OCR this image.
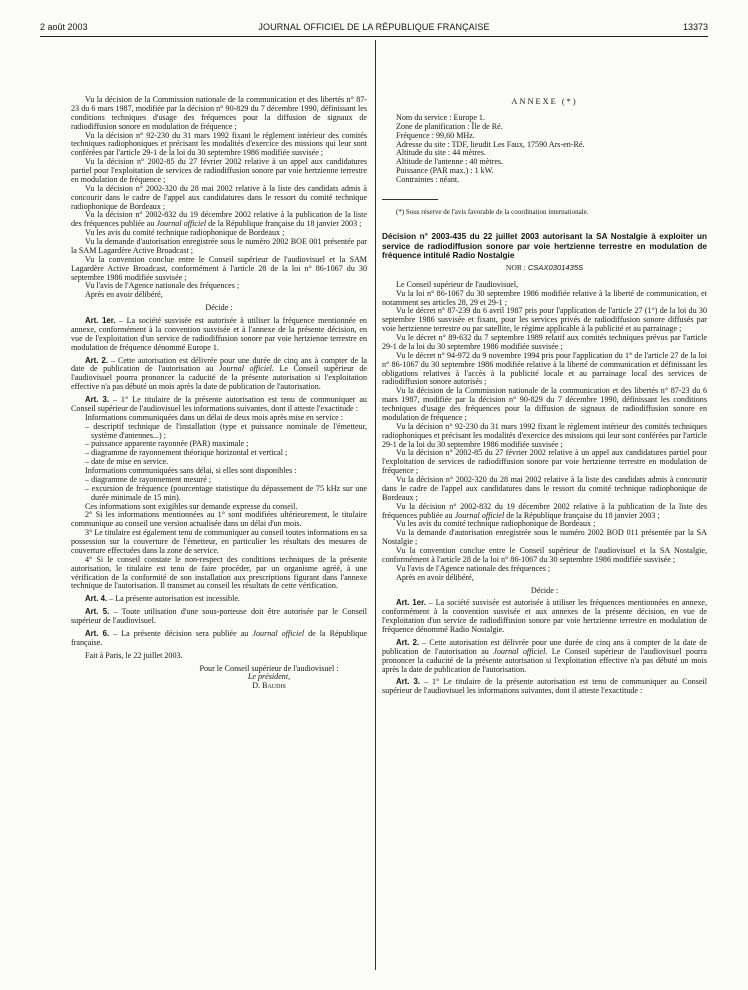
2 août 2003	JOURNAL OFFICIEL DE LA RÉPUBLIQUE FRANÇAISE	13373

Vu la décision de la Commission nationale de la communication et des libertés n° 87-23 du 6 mars 1987, modifiée par la décision n° 90-829 du 7 décembre 1990, définissant les conditions techniques d'usage des fréquences pour la diffusion de signaux de radiodiffusion sonore en modulation de fréquence ;

Vu la décision n° 92-230 du 31 mars 1992 fixant le règlement intérieur des comités techniques radiophoniques et précisant les modalités d'exercice des missions qui leur sont conférées par l'article 29-1 de la loi du 30 septembre 1986 modifiée susvisée ;

Vu la décision n° 2002-85 du 27 février 2002 relative à un appel aux candidatures partiel pour l'exploitation de services de radiodiffusion sonore par voie hertzienne terrestre en modulation de fréquence ;

Vu la décision n° 2002-320 du 28 mai 2002 relative à la liste des candidats admis à concourir dans le cadre de l'appel aux candidatures dans le ressort du comité technique radiophonique de Bordeaux ;

Vu la décision n° 2002-832 du 19 décembre 2002 relative à la publication de la liste des fréquences publiée au Journal officiel de la République française du 18 janvier 2003 ;

Vu les avis du comité technique radiophonique de Bordeaux ;

Vu la demande d'autorisation enregistrée sous le numéro 2002 BOE 001 présentée par la SAM Lagardère Active Broadcast ;

Vu la convention conclue entre le Conseil supérieur de l'audiovisuel et la SAM Lagardère Active Broadcast, conformément à l'article 28 de la loi n° 86-1067 du 30 septembre 1986 modifiée susvisée ;

Vu l'avis de l'Agence nationale des fréquences ;

Après en avoir délibéré,

Décide :

Art. 1er. – La société susvisée est autorisée à utiliser la fréquence mentionnée en annexe, conformément à la convention susvisée et à l'annexe de la présente décision, en vue de l'exploitation d'un service de radiodiffusion sonore par voie hertzienne terrestre en modulation de fréquence dénommé Europe 1.

Art. 2. – Cette autorisation est délivrée pour une durée de cinq ans à compter de la date de publication de l'autorisation au Journal officiel. Le Conseil supérieur de l'audiovisuel pourra prononcer la caducité de la présente autorisation si l'exploitation effective n'a pas débuté un mois après la date de publication de l'autorisation.

Art. 3. – 1° Le titulaire de la présente autorisation est tenu de communiquer au Conseil supérieur de l'audiovisuel les informations suivantes, dont il atteste l'exactitude :

Informations communiquées dans un délai de deux mois après mise en service :

– descriptif technique de l'installation (type et puissance nominale de l'émetteur, système d'antennes...) ;

– puissance apparente rayonnée (PAR) maximale ;

– diagramme de rayonnement théorique horizontal et vertical ;

– date de mise en service.

Informations communiquées sans délai, si elles sont disponibles :

– diagramme de rayonnement mesuré ;

– excursion de fréquence (pourcentage statistique du dépassement de 75 kHz sur une durée minimale de 15 min).

Ces informations sont exigibles sur demande expresse du conseil.

2° Si les informations mentionnées au 1° sont modifiées ultérieurement, le titulaire communique au conseil une version actualisée dans un délai d'un mois.

3° Le titulaire est également tenu de communiquer au conseil toutes informations en sa possession sur la couverture de l'émetteur, en particulier les résultats des mesures de couverture effectuées dans la zone de service.

4° Si le conseil constate le non-respect des conditions techniques de la présente autorisation, le titulaire est tenu de faire procéder, par un organisme agréé, à une vérification de la conformité de son installation aux prescriptions figurant dans l'annexe technique de l'autorisation. Il transmet au conseil les résultats de cette vérification.

Art. 4. – La présente autorisation est incessible.

Art. 5. – Toute utilisation d'une sous-porteuse doit être autorisée par le Conseil supérieur de l'audiovisuel.

Art. 6. – La présente décision sera publiée au Journal officiel de la République française.

Fait à Paris, le 22 juillet 2003.

Pour le Conseil supérieur de l'audiovisuel :

Le président,

D. Baudis

ANNEXE (*)

Nom du service : Europe 1.

Zone de planification : Île de Ré.

Fréquence : 99,60 MHz.

Adresse du site : TDF, lieudit Les Faux, 17590 Ars-en-Ré.

Altitude du site : 44 mètres.

Altitude de l'antenne : 40 mètres.

Puissance (PAR max.) : 1 kW.

Contraintes : néant.

(*) Sous réserve de l'avis favorable de la coordination internationale.

Décision n° 2003-435 du 22 juillet 2003 autorisant la SA Nostalgie à exploiter un service de radiodiffusion sonore par voie hertzienne terrestre en modulation de fréquence intitulé Radio Nostalgie

NOR : CSAX0301435S

Le Conseil supérieur de l'audiovisuel,

Vu la loi n° 86-1067 du 30 septembre 1986 modifiée relative à la liberté de communication, et notamment ses articles 28, 29 et 29-1 ;

Vu le décret n° 87-239 du 6 avril 1987 pris pour l'application de l'article 27 (1°) de la loi du 30 septembre 1986 susvisée et fixant, pour les services privés de radiodiffusion sonore diffusés par voie hertzienne terrestre ou par satellite, le régime applicable à la publicité et au parrainage ;

Vu le décret n° 89-632 du 7 septembre 1989 relatif aux comités techniques prévus par l'article 29-1 de la loi du 30 septembre 1986 modifiée susvisée ;

Vu le décret n° 94-972 du 9 novembre 1994 pris pour l'application du 1° de l'article 27 de la loi n° 86-1067 du 30 septembre 1986 modifiée relative à la liberté de communication et définissant les obligations relatives à l'accès à la publicité locale et au parrainage local des services de radiodiffusion sonore autorisés ;

Vu la décision de la Commission nationale de la communication et des libertés n° 87-23 du 6 mars 1987, modifiée par la décision n° 90-829 du 7 décembre 1990, définissant les conditions techniques d'usage des fréquences pour la diffusion de signaux de radiodiffusion sonore en modulation de fréquence ;

Vu la décision n° 92-230 du 31 mars 1992 fixant le règlement intérieur des comités techniques radiophoniques et précisant les modalités d'exercice des missions qui leur sont conférées par l'article 29-1 de la loi du 30 septembre 1986 modifiée susvisée ;

Vu la décision n° 2002-85 du 27 février 2002 relative à un appel aux candidatures partiel pour l'exploitation de services de radiodiffusion sonore par voie hertzienne terrestre en modulation de fréquence ;

Vu la décision n° 2002-320 du 28 mai 2002 relative à la liste des candidats admis à concourir dans le cadre de l'appel aux candidatures dans le ressort du comité technique radiophonique de Bordeaux ;

Vu la décision n° 2002-832 du 19 décembre 2002 relative à la publication de la liste des fréquences publiée au Journal officiel de la République française du 18 janvier 2003 ;

Vu les avis du comité technique radiophonique de Bordeaux ;

Vu la demande d'autorisation enregistrée sous le numéro 2002 BOD 011 présentée par la SA Nostalgie ;

Vu la convention conclue entre le Conseil supérieur de l'audiovisuel et la SA Nostalgie, conformément à l'article 28 de la loi n° 86-1067 du 30 septembre 1986 modifiée susvisée ;

Vu l'avis de l'Agence nationale des fréquences ;

Après en avoir délibéré,

Décide :

Art. 1er. – La société susvisée est autorisée à utiliser les fréquences mentionnées en annexe, conformément à la convention susvisée et aux annexes de la présente décision, en vue de l'exploitation d'un service de radiodiffusion sonore par voie hertzienne terrestre en modulation de fréquence dénommé Radio Nostalgie.

Art. 2. – Cette autorisation est délivrée pour une durée de cinq ans à compter de la date de publication de l'autorisation au Journal officiel. Le Conseil supérieur de l'audiovisuel pourra prononcer la caducité de la présente autorisation si l'exploitation effective n'a pas débuté un mois après la date de publication de l'autorisation.

Art. 3. – 1° Le titulaire de la présente autorisation est tenu de communiquer au Conseil supérieur de l'audiovisuel les informations suivantes, dont il atteste l'exactitude :
